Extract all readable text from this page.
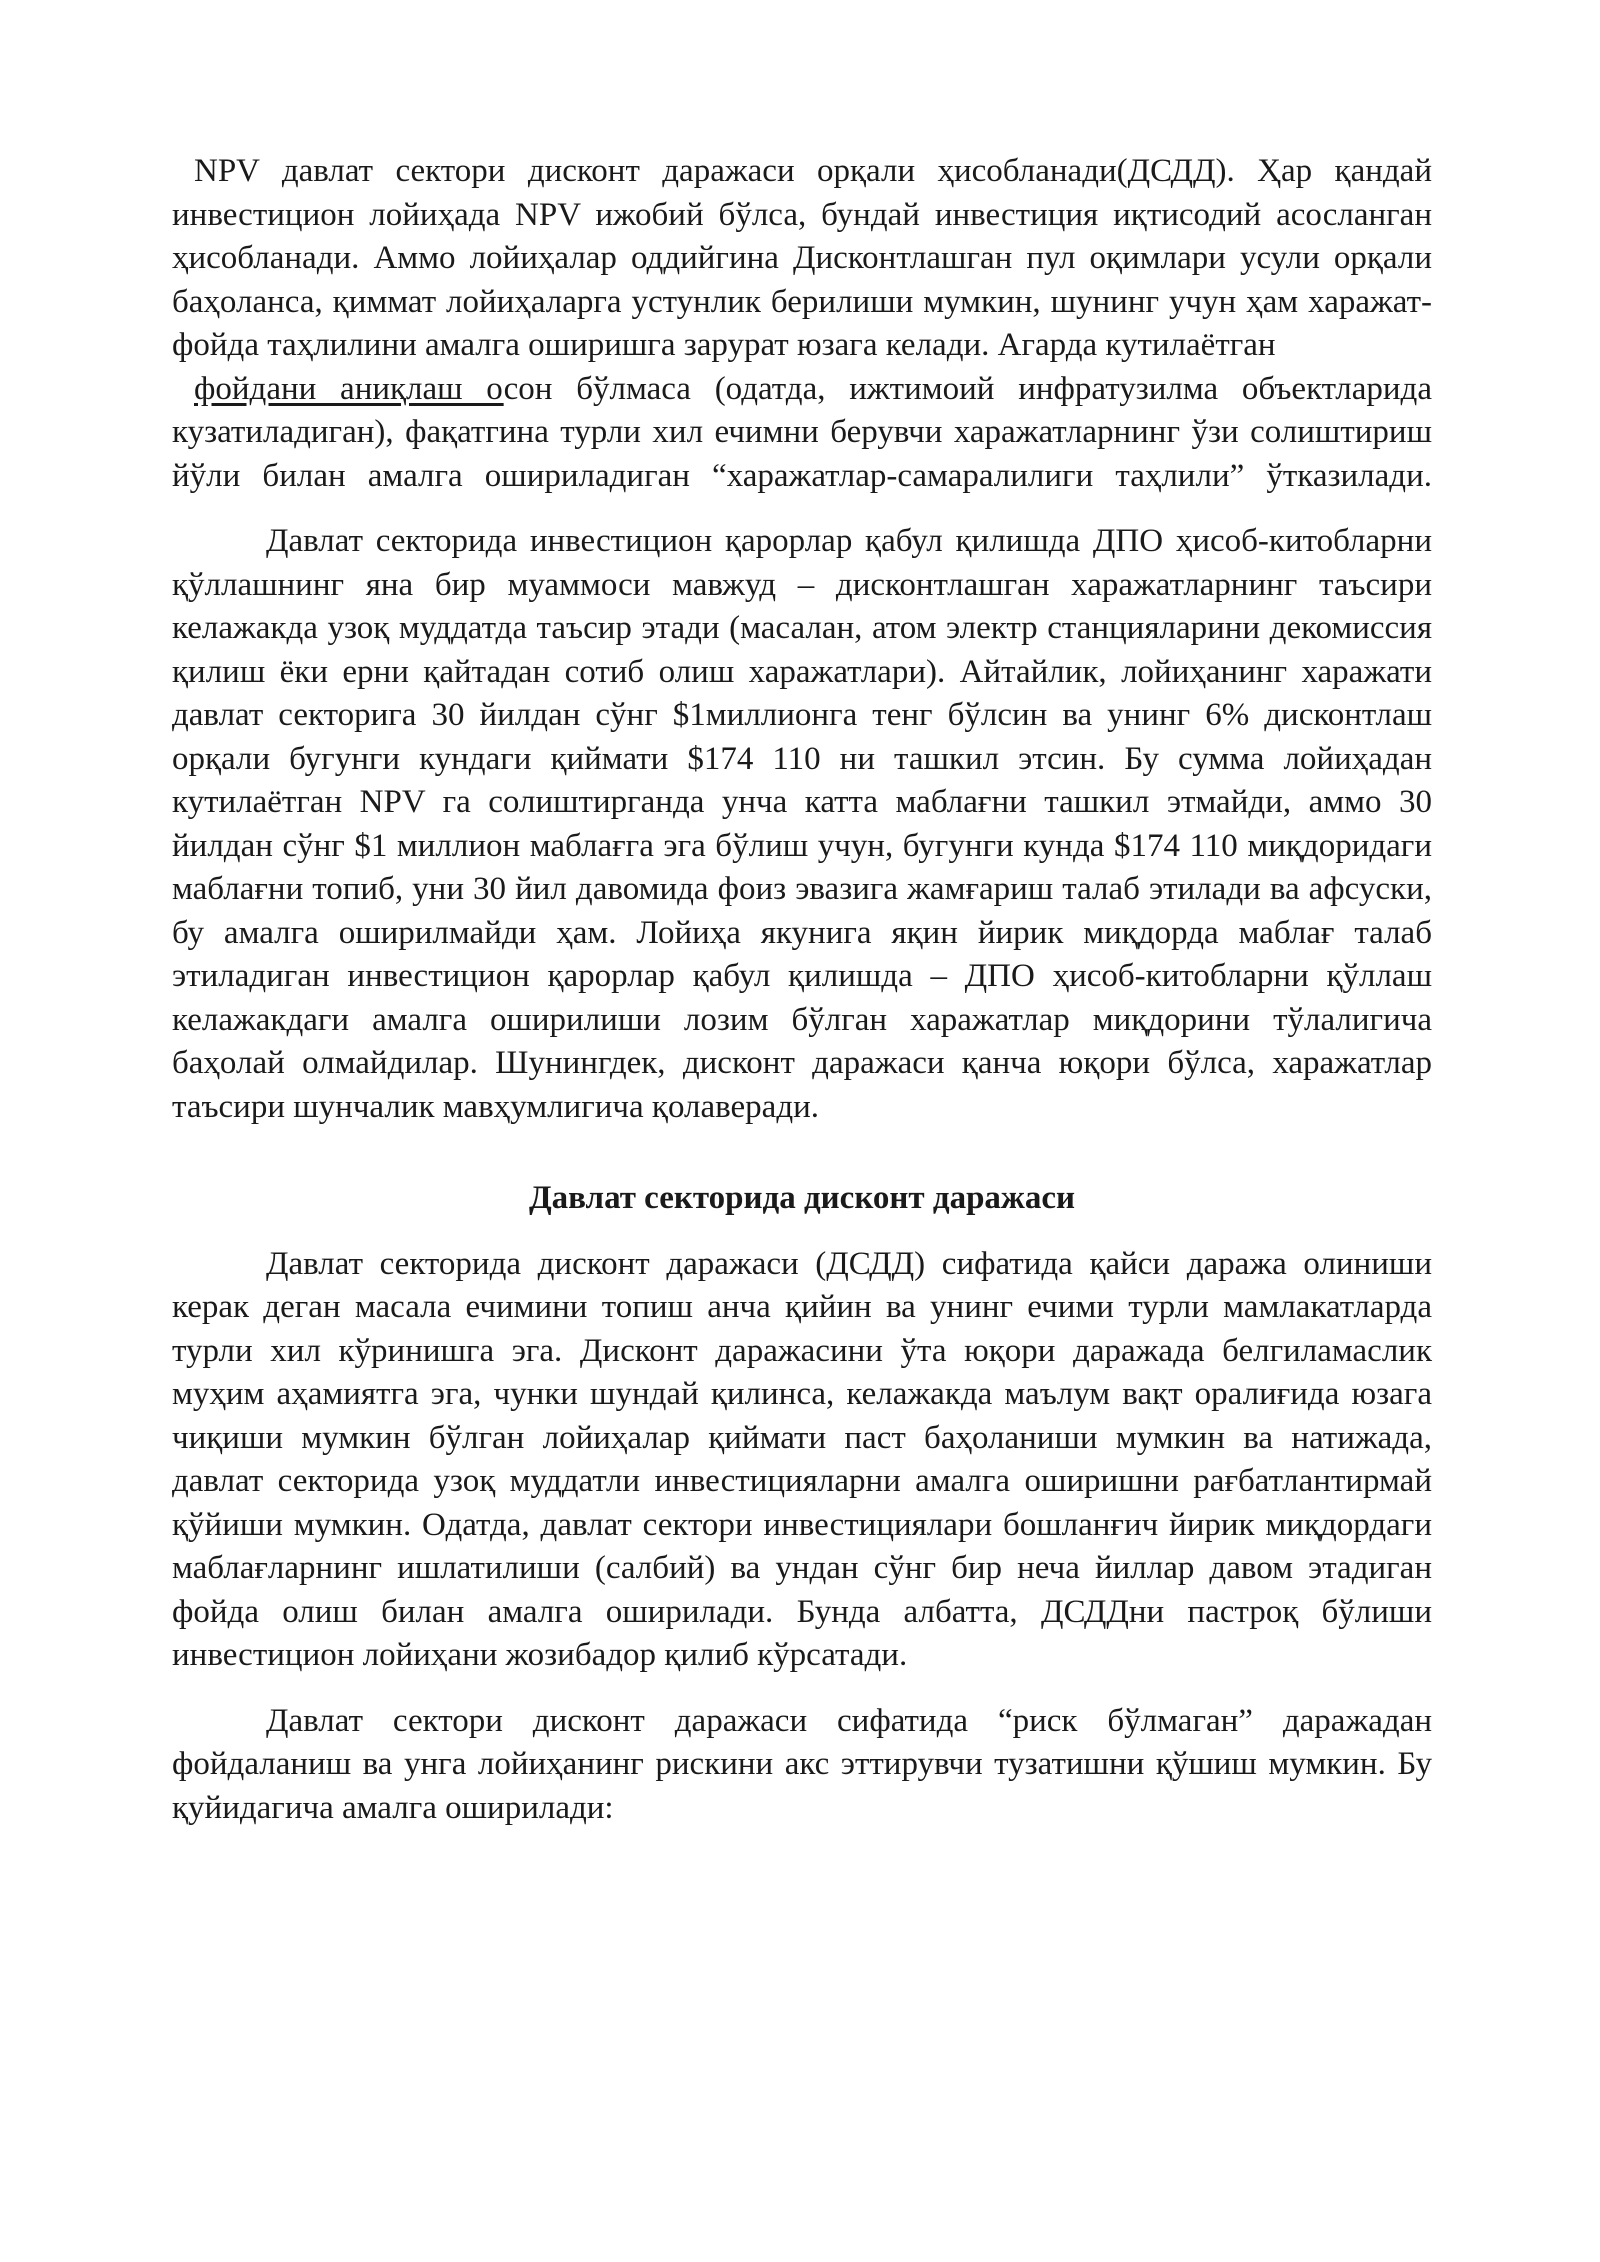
NPV давлат сектори дисконт даражаси орқали ҳисобланади(ДСДД). Ҳар қандай инвестицион лойиҳада NPV ижобий бўлса, бундай инвестиция иқтисодий асосланган ҳисобланади. Аммо лойиҳалар оддийгина Дисконтлашган пул оқимлари усули орқали баҳоланса, қиммат лойиҳаларга устунлик берилиши мумкин, шунинг учун ҳам харажат-фойда таҳлилини амалга оширишга зарурат юзага келади. Агарда кутилаётган

фойдани аниқлаш осон бўлмаса (одатда, ижтимоий инфратузилма объектларида кузатиладиган), фақатгина турли хил ечимни берувчи харажатларнинг ўзи солиштириш йўли билан амалга ошириладиган “харажатлар-самаралилиги таҳлили” ўтказилади.

Давлат секторида инвестицион қарорлар қабул қилишда ДПО ҳисоб-китобларни қўллашнинг яна бир муаммоси мавжуд – дисконтлашган харажатларнинг таъсири келажакда узоқ муддатда таъсир этади (масалан, атом электр станцияларини декомиссия қилиш ёки ерни қайтадан сотиб олиш харажатлари). Айтайлик, лойиҳанинг харажати давлат секторига 30 йилдан сўнг $1миллионга тенг бўлсин ва унинг 6% дисконтлаш орқали бугунги кундаги қиймати $174 110 ни ташкил этсин. Бу сумма лойиҳадан кутилаётган NPV га солиштирганда унча катта маблағни ташкил этмайди, аммо 30 йилдан сўнг $1 миллион маблағга эга бўлиш учун, бугунги кунда $174 110 миқдоридаги маблағни топиб, уни 30 йил давомида фоиз эвазига жамғариш талаб этилади ва афсуски, бу амалга оширилмайди ҳам. Лойиҳа якунига яқин йирик миқдорда маблағ талаб этиладиган инвестицион қарорлар қабул қилишда – ДПО ҳисоб-китобларни қўллаш келажакдаги амалга оширилиши лозим бўлган харажатлар миқдорини тўлалигича баҳолай олмайдилар. Шунингдек, дисконт даражаси қанча юқори бўлса, харажатлар таъсири шунчалик мавҳумлигича қолаверади.

Давлат секторида дисконт даражаси

Давлат секторида дисконт даражаси (ДСДД) сифатида қайси даража олиниши керак деган масала ечимини топиш анча қийин ва унинг ечими турли мамлакатларда турли хил кўринишга эга. Дисконт даражасини ўта юқори даражада белгиламаслик муҳим аҳамиятга эга, чунки шундай қилинса, келажакда маълум вақт оралиғида юзага чиқиши мумкин бўлган лойиҳалар қиймати паст баҳоланиши мумкин ва натижада, давлат секторида узоқ муддатли инвестицияларни амалга оширишни рағбатлантирмай қўйиши мумкин. Одатда, давлат сектори инвестициялари бошланғич йирик миқдордаги маблағларнинг ишлатилиши (салбий) ва ундан сўнг бир неча йиллар давом этадиган фойда олиш билан амалга оширилади. Бунда албатта, ДСДДни пастроқ бўлиши инвестицион лойиҳани жозибадор қилиб кўрсатади.

Давлат сектори дисконт даражаси сифатида “риск бўлмаган” даражадан фойдаланиш ва унга лойиҳанинг рискини акс эттирувчи тузатишни қўшиш мумкин. Бу қуйидагича амалга оширилади:
